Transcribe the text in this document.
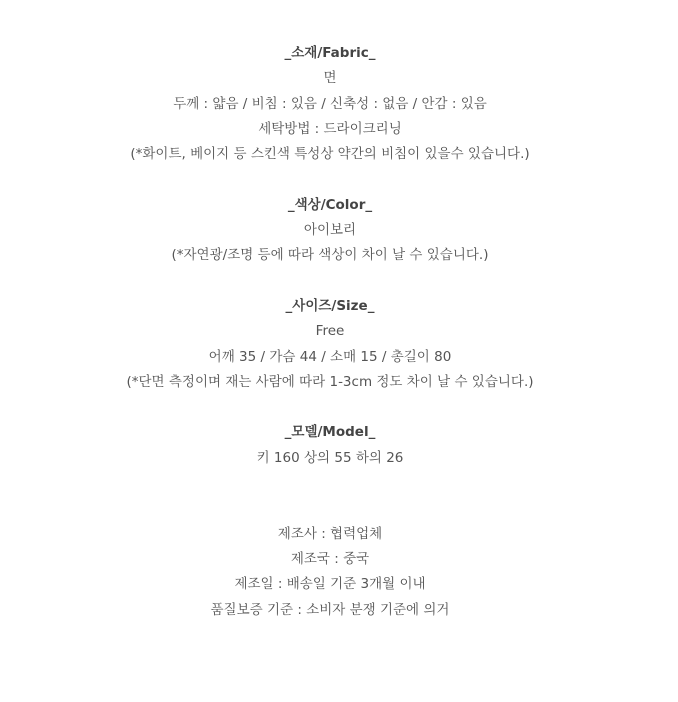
_소재/Fabric_
면
두께 : 얇음 / 비침 : 있음 / 신축성 : 없음 / 안감 : 있음
세탁방법 : 드라이크리닝
(*화이트, 베이지 등 스킨색 특성상 약간의 비침이 있을수 있습니다.)
_색상/Color_
아이보리
(*자연광/조명 등에 따라 색상이 차이 날 수 있습니다.)
_사이즈/Size_
Free
어깨 35 / 가슴 44 / 소매 15 / 총길이 80
(*단면 측정이며 재는 사람에 따라 1-3cm 정도 차이 날 수 있습니다.)
_모델/Model_
키 160 상의 55 하의 26
제조사 : 협력업체
제조국 : 중국
제조일 : 배송일 기준 3개월 이내
품질보증 기준 : 소비자 분쟁 기준에 의거
